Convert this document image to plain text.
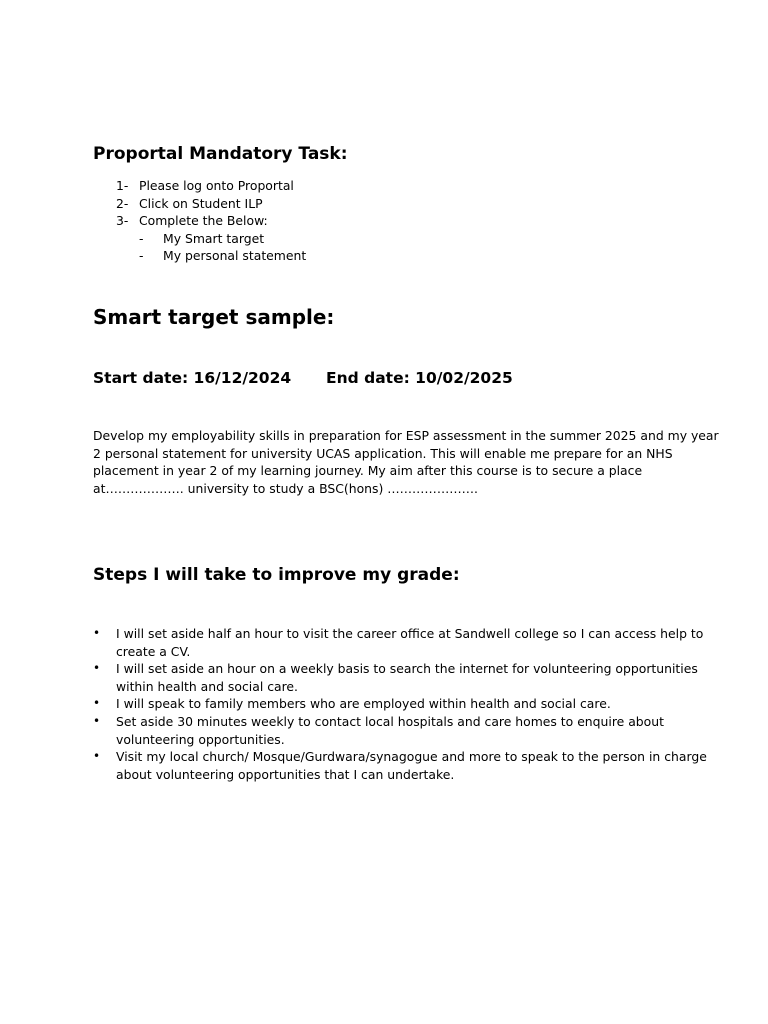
Proportal Mandatory Task:
1- Please log onto Proportal
2- Click on Student ILP
3- Complete the Below:
- My Smart target
- My personal statement
Smart target sample:
Start date: 16/12/2024 End date: 10/02/2025
Develop my employability skills in preparation for ESP assessment in the summer 2025 and my year
2 personal statement for university UCAS application. This will enable me prepare for an NHS
placement in year 2 of my learning journey. My aim after this course is to secure a place
at………………. university to study a BSC(hons) ………………….
Steps I will take to improve my grade:
• I will set aside half an hour to visit the career office at Sandwell college so I can access help to
create a CV.
• I will set aside an hour on a weekly basis to search the internet for volunteering opportunities
within health and social care.
• I will speak to family members who are employed within health and social care.
• Set aside 30 minutes weekly to contact local hospitals and care homes to enquire about
volunteering opportunities.
• Visit my local church/ Mosque/Gurdwara/synagogue and more to speak to the person in charge
about volunteering opportunities that I can undertake.
